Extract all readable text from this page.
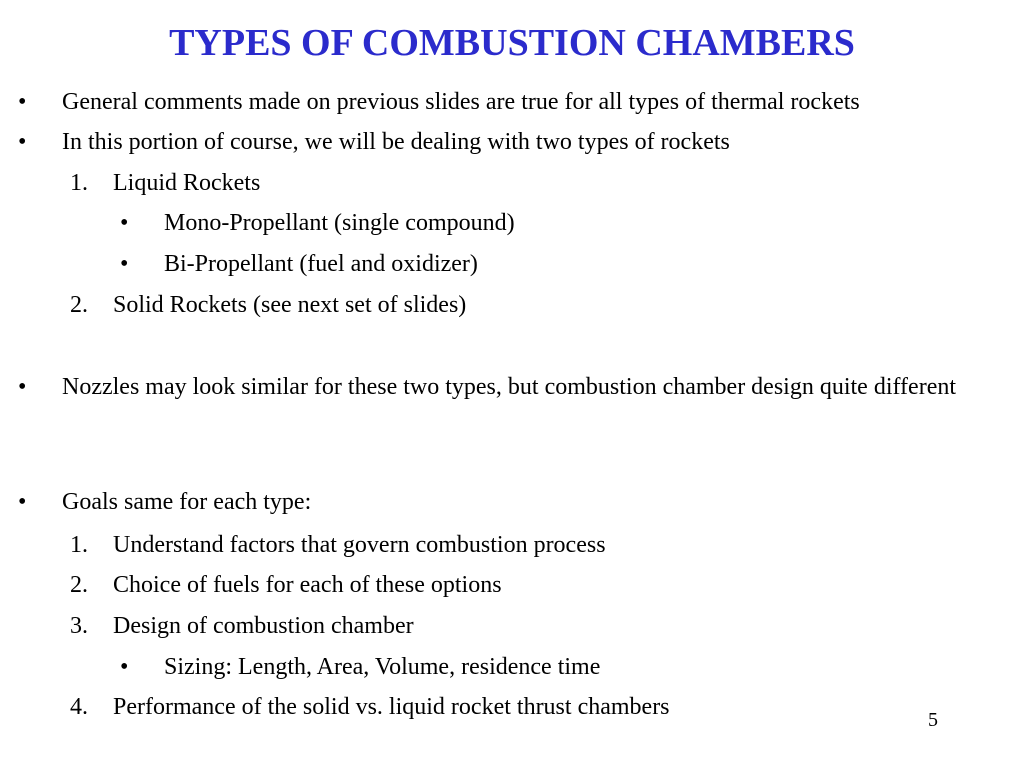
TYPES OF COMBUSTION CHAMBERS
• General comments made on previous slides are true for all types of thermal rockets
• In this portion of course, we will be dealing with two types of rockets
1. Liquid Rockets
• Mono-Propellant (single compound)
• Bi-Propellant (fuel and oxidizer)
2. Solid Rockets (see next set of slides)
• Nozzles may look similar for these two types, but combustion chamber design quite different
• Goals same for each type:
1. Understand factors that govern combustion process
2. Choice of fuels for each of these options
3. Design of combustion chamber
• Sizing: Length, Area, Volume, residence time
4. Performance of the solid vs. liquid rocket thrust chambers	5
